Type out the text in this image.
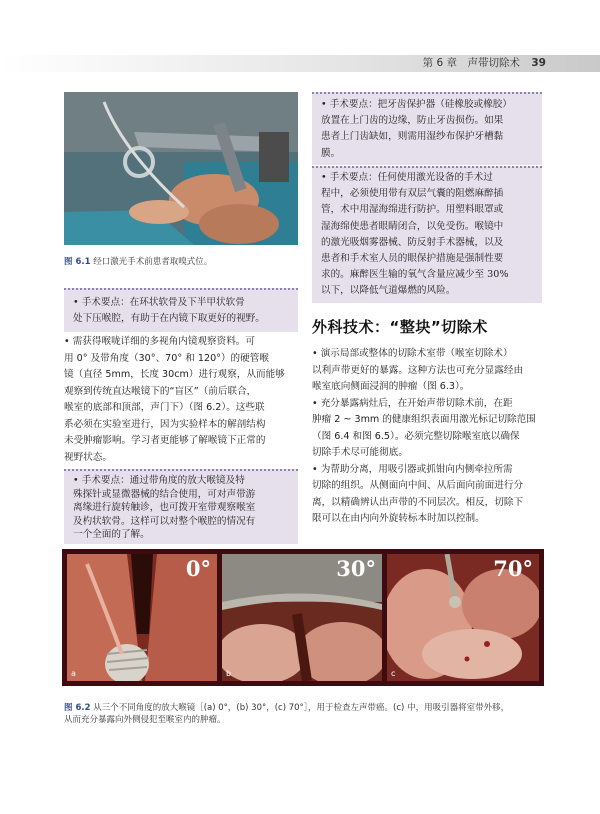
第 6 章　声带切除术 39
图 6.1 经口激光手术前患者取嗅式位。
• 手术要点：在环状软骨及下半甲状软骨
处下压喉腔，有助于在内镜下取更好的视野。

• 需获得喉咙详细的多视角内镜观察资料。可

用 0° 及带角度（30°、70° 和 120°）的硬管喉

镜（直径 5mm，长度 30cm）进行观察，从而能够

观察到传统直达喉镜下的“盲区”（前后联合，

喉室的底部和顶部，声门下）（图 6.2）。这些联

系必须在实验室进行，因为实验样本的解剖结构

未受肿瘤影响。学习者更能够了解喉镜下正常的

视野状态。

• 手术要点：通过带角度的放大喉镜及特
殊探针或显微器械的结合使用，可对声带游
离缘进行旋转触诊，也可拨开室带观察喉室
及杓状软骨。这样可以对整个喉腔的情况有
一个全面的了解。
• 手术要点：把牙齿保护器（硅橡胶或橡胶）
放置在上门齿的边缘，防止牙齿损伤。如果
患者上门齿缺如，则需用湿纱布保护牙槽黏
膜。
• 手术要点：任何使用激光设备的手术过
程中，必须使用带有双层气囊的阻燃麻醉插
管，术中用湿海绵进行防护。用塑料眼罩或
湿海绵使患者眼睛闭合，以免受伤。喉镜中
的激光吸烟雾器械、防反射手术器械，以及
患者和手术室人员的眼保护措施是强制性要
求的。麻醉医生输的氧气含量应减少至 30%
以下，以降低气道爆燃的风险。
外科技术：“整块”切除术

• 演示局部或整体的切除术室带（喉室切除术）

以利声带更好的暴露。这种方法也可充分显露经由

喉室底向侧面浸润的肿瘤（图 6.3）。

• 充分暴露病灶后，在开始声带切除术前，在距

肿瘤 2 ~ 3mm 的健康组织表面用激光标记切除范围

（图 6.4 和图 6.5）。必须完整切除喉室底以确保

切除手术尽可能彻底。

• 为帮助分离，用吸引器或抓钳向内侧牵拉所需

切除的组织。从侧面向中间、从后面向前面进行分

离，以精确辨认出声带的不同层次。相反，切除下

限可以在由内向外旋转标本时加以控制。

0°
a
30°
b
70°
c
图 6.2 从三个不同角度的放大喉镜［(a) 0°，(b) 30°，(c) 70°］，用于检查左声带癌。(c) 中，用吸引器将室带外移，
从而充分暴露向外侧侵犯至喉室内的肿瘤。
